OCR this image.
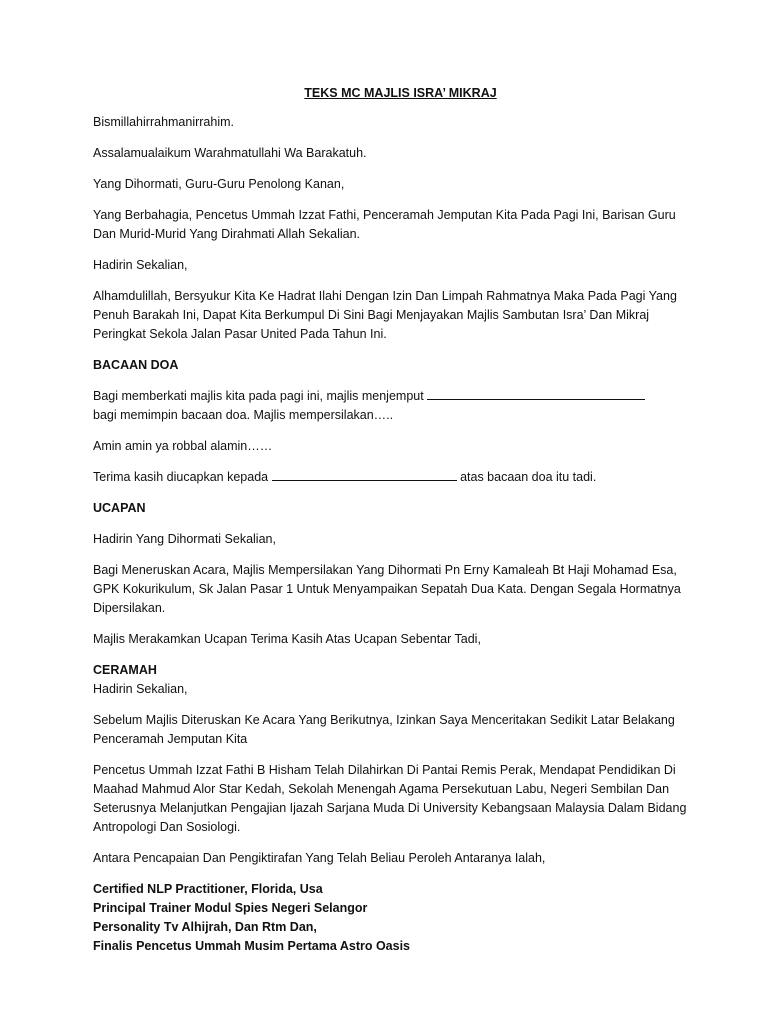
TEKS MC MAJLIS ISRA’ MIKRAJ

Bismillahirrahmanirrahim.

Assalamualaikum Warahmatullahi Wa Barakatuh.

Yang Dihormati, Guru-Guru Penolong Kanan,

Yang Berbahagia, Pencetus Ummah Izzat Fathi, Penceramah Jemputan Kita Pada Pagi Ini, Barisan Guru Dan Murid-Murid Yang Dirahmati Allah Sekalian.

Hadirin Sekalian,

Alhamdulillah, Bersyukur Kita Ke Hadrat Ilahi Dengan Izin Dan Limpah Rahmatnya Maka Pada Pagi Yang Penuh Barakah Ini, Dapat Kita Berkumpul Di Sini Bagi Menjayakan Majlis Sambutan Isra’ Dan Mikraj Peringkat Sekola Jalan Pasar United Pada Tahun Ini.

BACAAN DOA

Bagi memberkati majlis kita pada pagi ini, majlis menjemput
bagi memimpin bacaan doa. Majlis mempersilakan…..

Amin amin ya robbal alamin……

Terima kasih diucapkan kepada	atas bacaan doa itu tadi.

UCAPAN

Hadirin Yang Dihormati Sekalian,

Bagi Meneruskan Acara, Majlis Mempersilakan Yang Dihormati Pn Erny Kamaleah Bt Haji Mohamad Esa, GPK Kokurikulum, Sk Jalan Pasar 1 Untuk Menyampaikan Sepatah Dua Kata. Dengan Segala Hormatnya Dipersilakan.

Majlis Merakamkan Ucapan Terima Kasih Atas Ucapan Sebentar Tadi,

CERAMAH

Hadirin Sekalian,

Sebelum Majlis Diteruskan Ke Acara Yang Berikutnya, Izinkan Saya Menceritakan Sedikit Latar Belakang Penceramah Jemputan Kita

Pencetus Ummah Izzat Fathi B Hisham Telah Dilahirkan Di Pantai Remis Perak, Mendapat Pendidikan Di Maahad Mahmud Alor Star Kedah, Sekolah Menengah Agama Persekutuan Labu, Negeri Sembilan Dan Seterusnya Melanjutkan Pengajian Ijazah Sarjana Muda Di University Kebangsaan Malaysia Dalam Bidang Antropologi Dan Sosiologi.

Antara Pencapaian Dan Pengiktirafan Yang Telah Beliau Peroleh Antaranya Ialah,

Certified NLP Practitioner, Florida, Usa
Principal Trainer Modul Spies Negeri Selangor
Personality Tv Alhijrah, Dan Rtm Dan,
Finalis Pencetus Ummah Musim Pertama Astro Oasis
